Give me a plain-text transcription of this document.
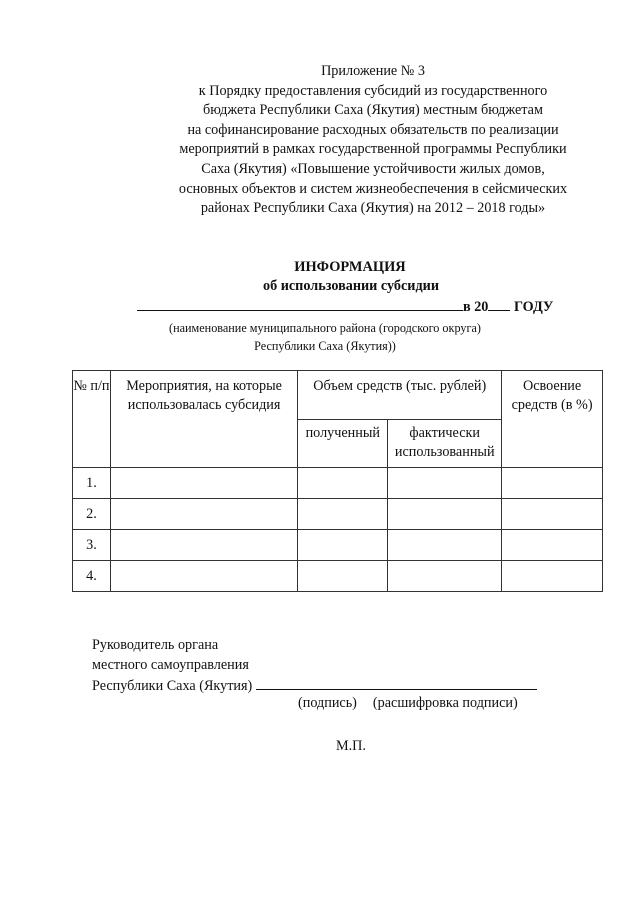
Приложение № 3
к Порядку предоставления субсидий из государственного
бюджета Республики Саха (Якутия) местным бюджетам
на софинансирование расходных обязательств по реализации
мероприятий в рамках государственной программы Республики
Саха (Якутия) «Повышение устойчивости жилых домов,
основных объектов и систем жизнеобеспечения в сейсмических
районах Республики Саха (Якутия) на 2012 – 2018 годы»
ИНФОРМАЦИЯ
об использовании субсидии
в 20 ГОДУ
(наименование муниципального района (городского округа)
Республики Саха (Якутия))
№ п/п	Мероприятия, на которые использовалась субсидия	Объем средств (тыс. рублей)		Освоение средств (в %)
		полученный	фактически использованный	
1.				
2.				
3.				
4.				
Руководитель органа
местного самоуправления
Республики Саха (Якутия)
(подпись) (расшифровка подписи)
М.П.
